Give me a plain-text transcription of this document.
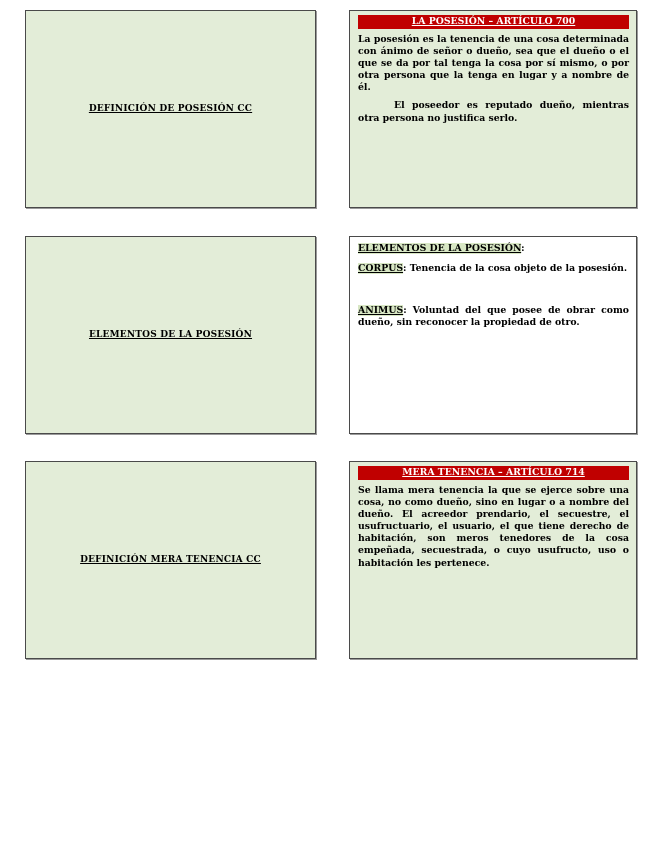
DEFINICIÓN DE POSESIÓN CC
LA POSESIÓN – ARTÍCULO 700

La posesión es la tenencia de una cosa determinada con ánimo de señor o dueño, sea que el dueño o el que se da por tal tenga la cosa por sí mismo, o por otra persona que la tenga en lugar y a nombre de él.

El poseedor es reputado dueño, mientras otra persona no justifica serlo.

ELEMENTOS DE LA POSESIÓN
ELEMENTOS DE LA POSESIÓN:

CORPUS: Tenencia de la cosa objeto de la posesión.

ANIMUS: Voluntad del que posee de obrar como dueño, sin reconocer la propiedad de otro.

DEFINICIÓN MERA TENENCIA CC
MERA TENENCIA – ARTÍCULO 714

Se llama mera tenencia la que se ejerce sobre una cosa, no como dueño, sino en lugar o a nombre del dueño. El acreedor prendario, el secuestre, el usufructuario, el usuario, el que tiene derecho de habitación, son meros tenedores de la cosa empeñada, secuestrada, o cuyo usufructo, uso o habitación les pertenece.
